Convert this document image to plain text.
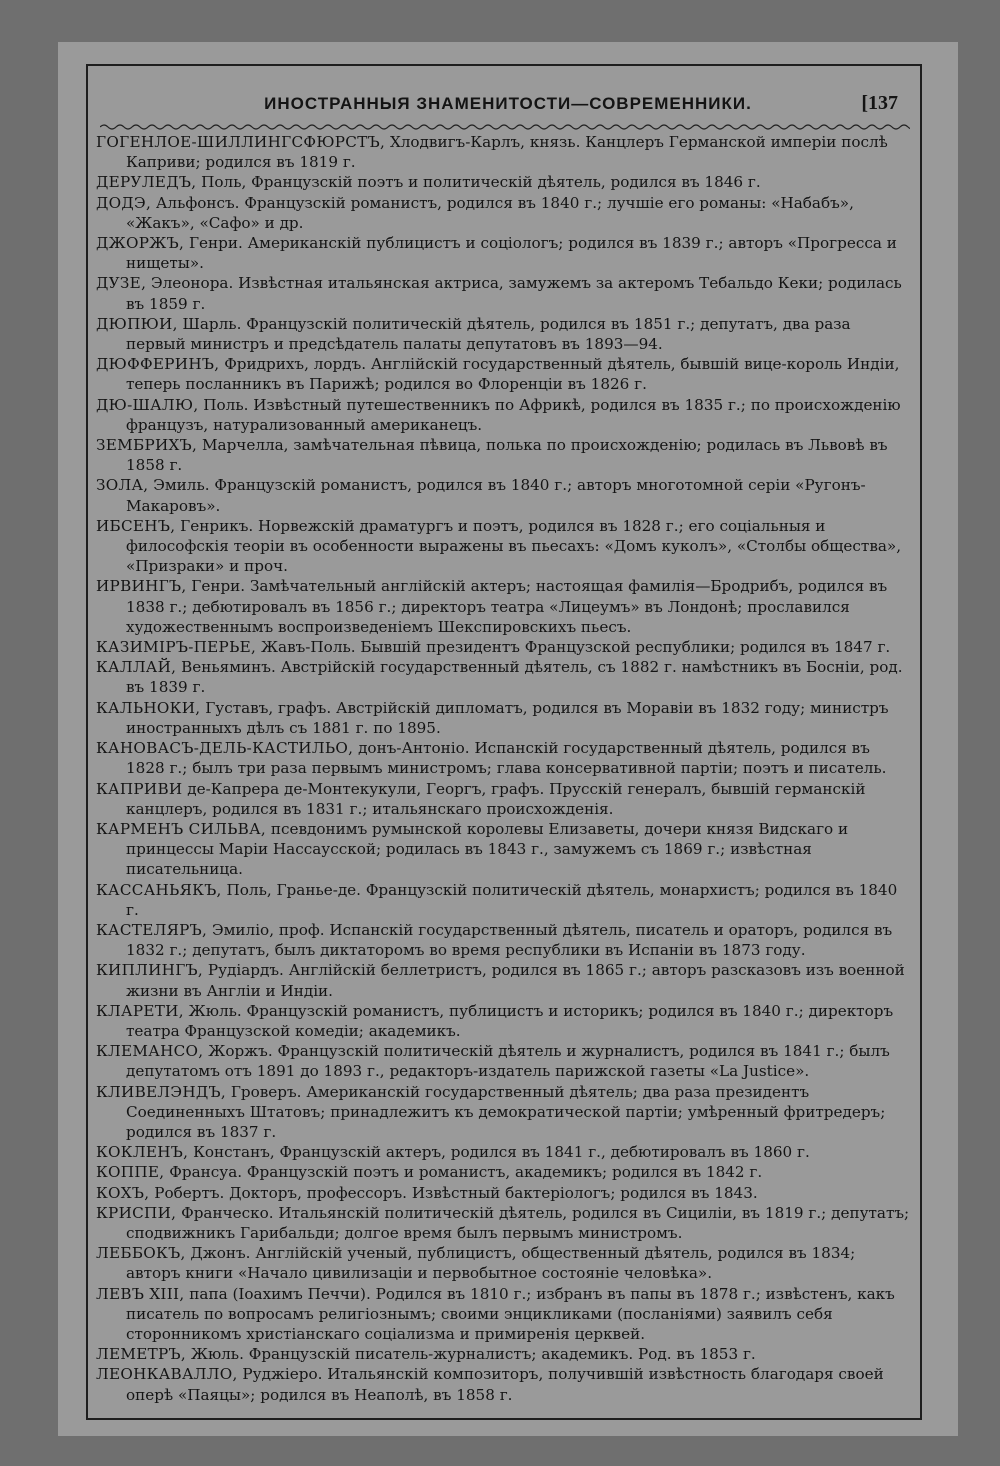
ИНОСТРАННЫЯ ЗНАМЕНИТОСТИ—СОВРЕМЕННИКИ.	[137

ГОГЕНЛОЕ-ШИЛЛИНГСФЮРСТЪ, Хлодвигъ-Карлъ, князь. Канцлеръ Германской имперіи послѣ Каприви; родился въ 1819 г.

ДЕРУЛЕДЪ, Поль, Французскій поэтъ и политическій дѣятель, родился въ 1846 г.

ДОДЭ, Альфонсъ. Французскій романистъ, родился въ 1840 г.; лучшіе его романы: «Набабъ», «Жакъ», «Сафо» и др.

ДЖОРЖЪ, Генри. Американскій публицистъ и соціологъ; родился въ 1839 г.; авторъ «Прогресса и нищеты».

ДУЗЕ, Элеонора. Извѣстная итальянская актриса, замужемъ за актеромъ Тебальдо Кеки; родилась въ 1859 г.

ДЮПЮИ, Шарль. Французскій политическій дѣятель, родился въ 1851 г.; депутатъ, два раза первый министръ и предсѣдатель палаты депутатовъ въ 1893—94.

ДЮФФЕРИНЪ, Фридрихъ, лордъ. Англійскій государственный дѣятель, бывшій вице-король Индіи, теперь посланникъ въ Парижѣ; родился во Флоренціи въ 1826 г.

ДЮ-ШАЛЮ, Поль. Извѣстный путешественникъ по Африкѣ, родился въ 1835 г.; по происхожденію французъ, натурализованный американецъ.

ЗЕМБРИХЪ, Марчелла, замѣчательная пѣвица, полька по происхожденію; родилась въ Львовѣ въ 1858 г.

ЗОЛА, Эмиль. Французскій романистъ, родился въ 1840 г.; авторъ многотомной серіи «Ругонъ-Макаровъ».

ИБСЕНЪ, Генрикъ. Норвежскій драматургъ и поэтъ, родился въ 1828 г.; его соціальныя и философскія теоріи въ особенности выражены въ пьесахъ: «Домъ куколъ», «Столбы общества», «Призраки» и проч.

ИРВИНГЪ, Генри. Замѣчательный англійскій актеръ; настоящая фамилія—Бродрибъ, родился въ 1838 г.; дебютировалъ въ 1856 г.; директоръ театра «Лицеумъ» въ Лондонѣ; прославился художественнымъ воспроизведеніемъ Шекспировскихъ пьесъ.

КАЗИМІРЪ-ПЕРЬЕ, Жавъ-Поль. Бывшій президентъ Французской республики; родился въ 1847 г.

КАЛЛАЙ, Веньяминъ. Австрійскій государственный дѣятель, съ 1882 г. намѣстникъ въ Босніи, род. въ 1839 г.

КАЛЬНОКИ, Густавъ, графъ. Австрійскій дипломатъ, родился въ Моравіи въ 1832 году; министръ иностранныхъ дѣлъ съ 1881 г. по 1895.

КАНОВАСЪ-ДЕЛЬ-КАСТИЛЬО, донъ-Антоніо. Испанскій государственный дѣятель, родился въ 1828 г.; былъ три раза первымъ министромъ; глава консервативной партіи; поэтъ и писатель.

КАПРИВИ де-Капрера де-Монтекукули, Георгъ, графъ. Прусскій генералъ, бывшій германскій канцлеръ, родился въ 1831 г.; итальянскаго происхожденія.

КАРМЕНЪ СИЛЬВА, псевдонимъ румынской королевы Елизаветы, дочери князя Видскаго и принцессы Маріи Нассаусской; родилась въ 1843 г., замужемъ съ 1869 г.; извѣстная писательница.

КАССАНЬЯКЪ, Поль, Гранье-де. Французскій политическій дѣятель, монархистъ; родился въ 1840 г.

КАСТЕЛЯРЪ, Эмиліо, проф. Испанскій государственный дѣятель, писатель и ораторъ, родился въ 1832 г.; депутатъ, былъ диктаторомъ во время республики въ Испаніи въ 1873 году.

КИПЛИНГЪ, Рудіардъ. Англійскій беллетристъ, родился въ 1865 г.; авторъ разсказовъ изъ военной жизни въ Англіи и Индіи.

КЛАРЕТИ, Жюль. Французскій романистъ, публицистъ и историкъ; родился въ 1840 г.; директоръ театра Французской комедіи; академикъ.

КЛЕМАНСО, Жоржъ. Французскій политическій дѣятель и журналистъ, родился въ 1841 г.; былъ депутатомъ отъ 1891 до 1893 г., редакторъ-издатель парижской газеты «La Justice».

КЛИВЕЛЭНДЪ, Гроверъ. Американскій государственный дѣятель; два раза президентъ Соединенныхъ Штатовъ; принадлежитъ къ демократической партіи; умѣренный фритредеръ; родился въ 1837 г.

КОКЛЕНЪ, Констанъ, Французскій актеръ, родился въ 1841 г., дебютировалъ въ 1860 г.

КОППЕ, Франсуа. Французскій поэтъ и романистъ, академикъ; родился въ 1842 г.

КОХЪ, Робертъ. Докторъ, профессоръ. Извѣстный бактеріологъ; родился въ 1843.

КРИСПИ, Франческо. Итальянскій политическій дѣятель, родился въ Сициліи, въ 1819 г.; депутатъ; сподвижникъ Гарибальди; долгое время былъ первымъ министромъ.

ЛЕББОКЪ, Джонъ. Англійскій ученый, публицистъ, общественный дѣятель, родился въ 1834; авторъ книги «Начало цивилизаціи и первобытное состояніе человѣка».

ЛЕВЪ XIII, папа (Іоахимъ Печчи). Родился въ 1810 г.; избранъ въ папы въ 1878 г.; извѣстенъ, какъ писатель по вопросамъ религіознымъ; своими энцикликами (посланіями) заявилъ себя сторонникомъ христіанскаго соціализма и примиренія церквей.

ЛЕМЕТРЪ, Жюль. Французскій писатель-журналистъ; академикъ. Род. въ 1853 г.

ЛЕОНКАВАЛЛО, Руджіеро. Итальянскій композиторъ, получившій извѣстность благодаря своей оперѣ «Паяцы»; родился въ Неаполѣ, въ 1858 г.
